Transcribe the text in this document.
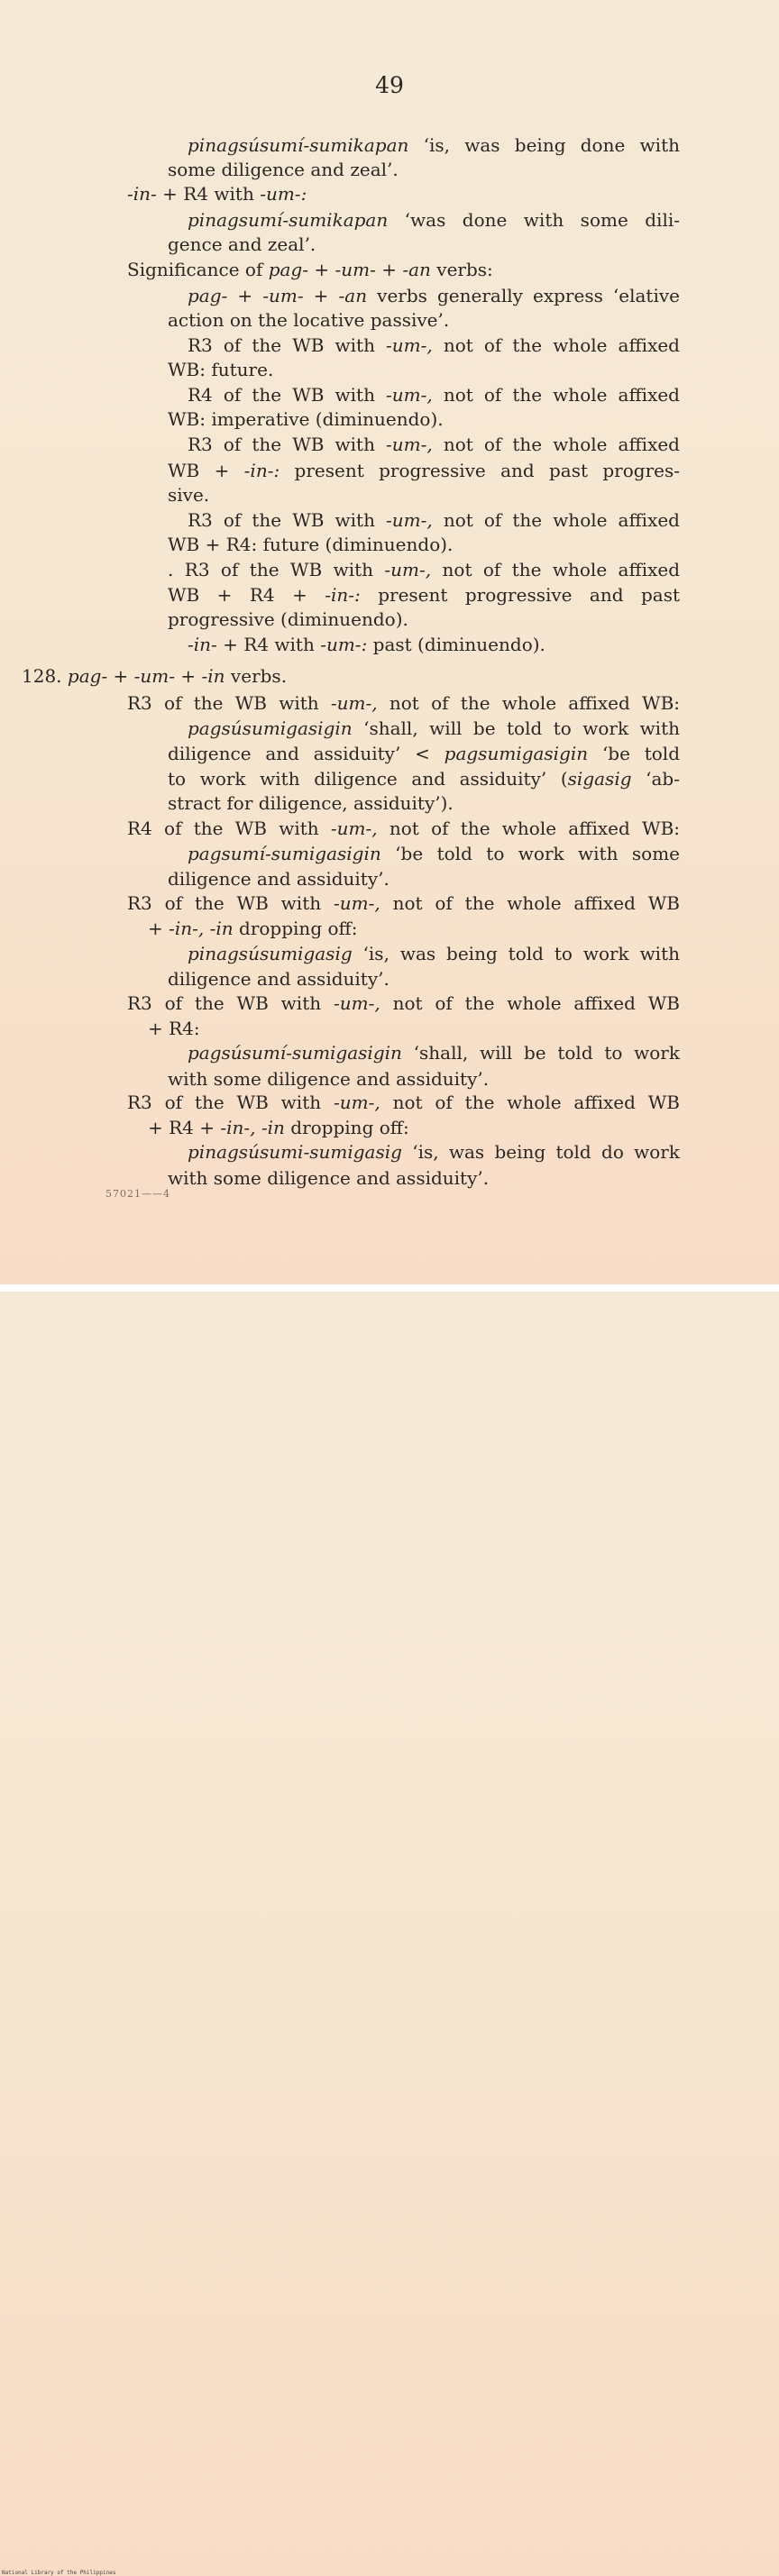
49
pinagsúsumí-sumikapan ‘is, was being done with
some diligence and zeal’.
-in- + R4 with -um-:
pinagsumí-sumikapan ‘was done with some dili-
gence and zeal’.
Significance of pag- + -um- + -an verbs:
pag- + -um- + -an verbs generally express ‘elative
action on the locative passive’.
R3 of the WB with -um-, not of the whole affixed
WB: future.
R4 of the WB with -um-, not of the whole affixed
WB: imperative (diminuendo).
R3 of the WB with -um-, not of the whole affixed
WB + -in-: present progressive and past progres-
sive.
R3 of the WB with -um-, not of the whole affixed
WB + R4: future (diminuendo).
. R3 of the WB with -um-, not of the whole affixed
WB + R4 + -in-: present progressive and past
progressive (diminuendo).
-in- + R4 with -um-: past (diminuendo).
128. pag- + -um- + -in verbs.
R3 of the WB with -um-, not of the whole affixed WB:
pagsúsumigasigin ‘shall, will be told to work with
diligence and assiduity’ < pagsumigasigin ‘be told
to work with diligence and assiduity’ (sigasig ‘ab-
stract for diligence, assiduity’).
R4 of the WB with -um-, not of the whole affixed WB:
pagsumí-sumigasigin ‘be told to work with some
diligence and assiduity’.
R3 of the WB with -um-, not of the whole affixed WB
+ -in-, -in dropping off:
pinagsúsumigasig ‘is, was being told to work with
diligence and assiduity’.
R3 of the WB with -um-, not of the whole affixed WB
+ R4:
pagsúsumí-sumigasigin ‘shall, will be told to work
with some diligence and assiduity’.
R3 of the WB with -um-, not of the whole affixed WB
+ R4 + -in-, -in dropping off:
pinagsúsumi-sumigasig ‘is, was being told do work
with some diligence and assiduity’.
57021——4
National Library of the Philippines
